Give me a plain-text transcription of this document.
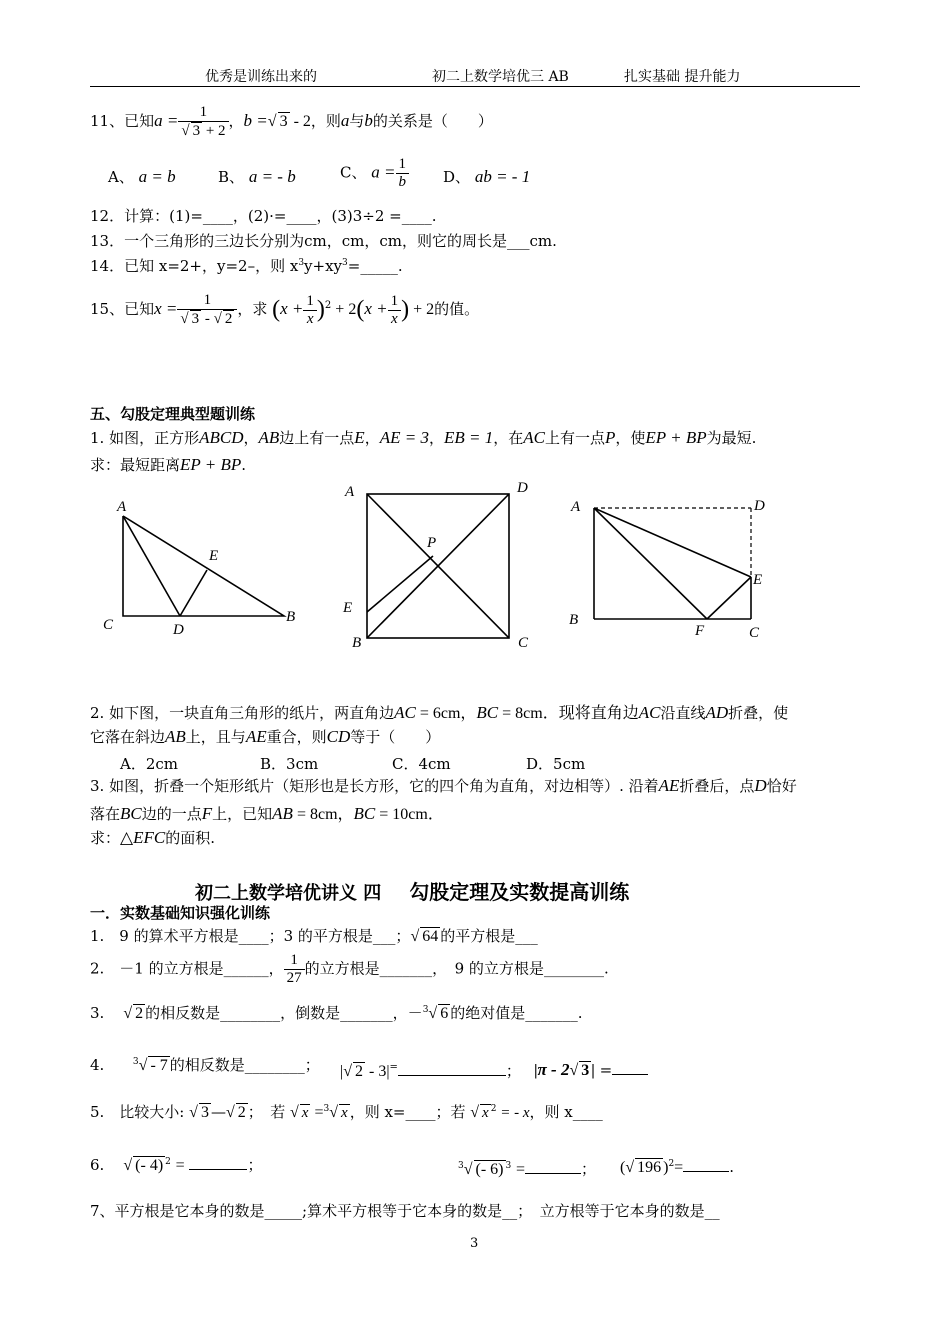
优秀是训练出来的	初二上数学培优三 AB	扎实基础 提升能力
11、已知$a = \frac{1}{√ 3 + 2}$ ，b =√ 3 - 2，则a与b的关系是（　　）
A、 a = b	B、 a = - b	C、 $a = \frac{1}{b}$ D、 ab = - 1
12．计算：(1)=____，(2)·=____，(3)3÷2 =____.
13．一个三角形的三边长分别为cm，cm，cm，则它的周长是___cm.
14．已知 x=2+，y=2–，则 $x^3y+xy^3=\_\_\_\_\_$.
15、已知$x = \frac{1}{√ 3 - √ 2}$ ，求 $(x + \frac{1}{x} )^2 + 2(x + \frac{1}{x}$ ) + 2的值。
五、勾股定理典型题训练
1. 如图，正方形ABCD，AB边上有一点E，AE = 3，EB = 1，在AC上有一点P，使EP + BP为最短.
求：最短距离EP + BP.
A
C	D
E
B
A	D
P
E
B	C
A	D
E
B
F	C
2. 如下图，一块直角三角形的纸片，两直角边AC = 6cm，BC = 8cm．现将直角边AC沿直线AD折叠，使
它落在斜边AB上，且与AE重合，则CD等于（　　）
A．2cm	B．3cm	C．4cm	D．5cm
3. 如图，折叠一个矩形纸片（矩形也是长方形，它的四个角为直角，对边相等）. 沿着AE折叠后，点D恰好
落在BC边的一点F上，已知AB = 8cm，BC = 10cm．
求：△EFC的面积.
初二上数学培优讲义 四 勾股定理及实数提高训练
一．实数基础知识强化训练
1.　9 的算术平方根是____；3 的平方根是___；√ 64 的平方根是___
2.　－1 的立方根是______， $\frac{1}{27}$ 的立方根是_______，　9 的立方根是________.
3. √ 2 的相反数是________，倒数是_______，－$^3$√ 6 的绝对值是_______.
4.	$^3$√ - 7 的相反数是________； |√ 2 - 3|=	； |π - 2√ 3 | =
5.　比较大小: √ 3 —√ 2 ；　若 √ x =$^3$√ x ，则 x=____；若 √ x $^2$ = - x，则 x____
6. √ (- 4) $^2$ =	；	$^3$√ (- 6) $^3$ =	； (√ 196 )$^2$=	.
7、平方根是它本身的数是_____;算术平方根等于它本身的数是__；　立方根等于它本身的数是__
3
